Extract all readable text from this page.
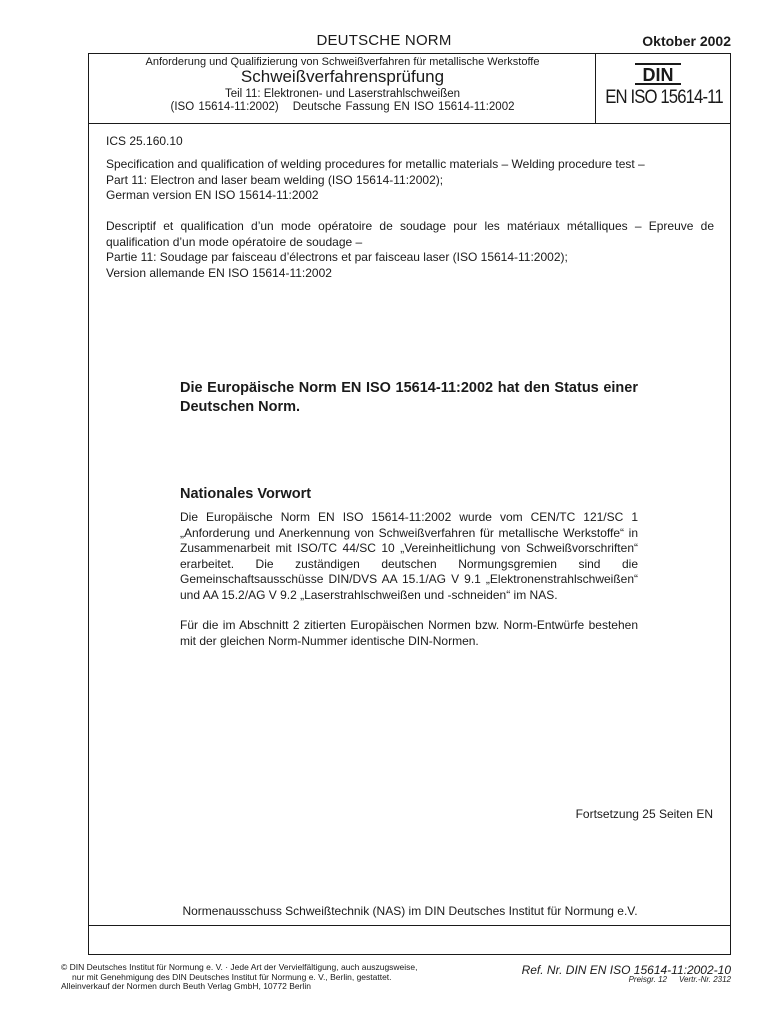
DEUTSCHE NORM	Oktober 2002
Anforderung und Qualifizierung von Schweißverfahren für metallische Werkstoffe
Schweißverfahrensprüfung
Teil 11: Elektronen- und Laserstrahlschweißen
(ISO 15614-11:2002) Deutsche Fassung EN ISO 15614-11:2002
DIN
EN ISO 15614-11
ICS 25.160.10
Specification and qualification of welding procedures for metallic materials – Welding procedure test –
Part 11: Electron and laser beam welding (ISO 15614-11:2002);
German version EN ISO 15614-11:2002
Descriptif et qualification d’un mode opératoire de soudage pour les matériaux métalliques – Epreuve de qualification d’un mode opératoire de soudage –
Partie 11: Soudage par faisceau d’électrons et par faisceau laser (ISO 15614-11:2002);
Version allemande EN ISO 15614-11:2002
Die Europäische Norm EN ISO 15614-11:2002 hat den Status einer Deutschen Norm.
Nationales Vorwort
Die Europäische Norm EN ISO 15614-11:2002 wurde vom CEN/TC 121/SC 1 „Anforderung und Anerkennung von Schweißverfahren für metallische Werkstoffe“ in Zusammenarbeit mit ISO/TC 44/SC 10 „Vereinheitlichung von Schweißvorschriften“ erarbeitet. Die zuständigen deutschen Normungsgremien sind die Gemeinschaftsausschüsse DIN/DVS AA 15.1/AG V 9.1 „Elektronenstrahlschweißen“ und AA 15.2/AG V 9.2 „Laserstrahlschweißen und -schneiden“ im NAS.
Für die im Abschnitt 2 zitierten Europäischen Normen bzw. Norm-Entwürfe bestehen mit der gleichen Norm-Nummer identische DIN-Normen.
Fortsetzung 25 Seiten EN
Normenausschuss Schweißtechnik (NAS) im DIN Deutsches Institut für Normung e.V.
© DIN Deutsches Institut für Normung e. V. · Jede Art der Vervielfältigung, auch auszugsweise,
nur mit Genehmigung des DIN Deutsches Institut für Normung e. V., Berlin, gestattet.
Alleinverkauf der Normen durch Beuth Verlag GmbH, 10772 Berlin
Ref. Nr. DIN EN ISO 15614-11:2002-10
Preisgr. 12 Vertr.-Nr. 2312
